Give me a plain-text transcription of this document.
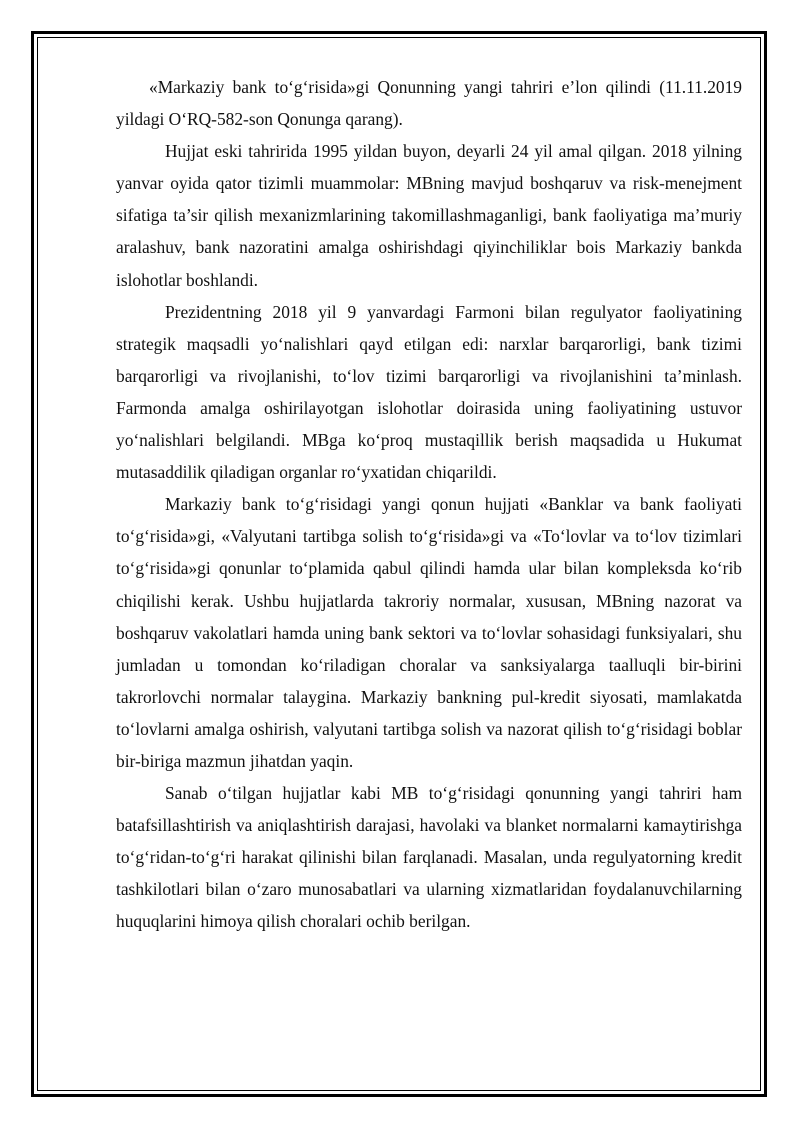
«Markaziy bank to‘g‘risida»gi Qonunning yangi tahriri e’lon qilindi (11.11.2019 yildagi O‘RQ-582-son Qonunga qarang).

Hujjat eski tahririda 1995 yildan buyon, deyarli 24 yil amal qilgan. 2018 yilning yanvar oyida qator tizimli muammolar: MBning mavjud boshqaruv va risk-menejment sifatiga ta’sir qilish mexanizmlarining takomillashmaganligi, bank faoliyatiga ma’muriy aralashuv, bank nazoratini amalga oshirishdagi qiyinchiliklar bois Markaziy bankda islohotlar boshlandi.

Prezidentning 2018 yil 9 yanvardagi Farmoni bilan regulyator faoliyatining strategik maqsadli yo‘nalishlari qayd etilgan edi: narxlar barqarorligi, bank tizimi barqarorligi va rivojlanishi, to‘lov tizimi barqarorligi va rivojlanishini ta’minlash. Farmonda amalga oshirilayotgan islohotlar doirasida uning faoliyatining ustuvor yo‘nalishlari belgilandi. MBga ko‘proq mustaqillik berish maqsadida u Hukumat mutasaddilik qiladigan organlar ro‘yxatidan chiqarildi.

Markaziy bank to‘g‘risidagi yangi qonun hujjati «Banklar va bank faoliyati to‘g‘risida»gi, «Valyutani tartibga solish to‘g‘risida»gi va «To‘lovlar va to‘lov tizimlari to‘g‘risida»gi qonunlar to‘plamida qabul qilindi hamda ular bilan kompleksda ko‘rib chiqilishi kerak. Ushbu hujjatlarda takroriy normalar, xususan, MBning nazorat va boshqaruv vakolatlari hamda uning bank sektori va to‘lovlar sohasidagi funksiyalari, shu jumladan u tomondan ko‘riladigan choralar va sanksiyalarga taalluqli bir-birini takrorlovchi normalar talaygina. Markaziy bankning pul-kredit siyosati, mamlakatda to‘lovlarni amalga oshirish, valyutani tartibga solish va nazorat qilish to‘g‘risidagi boblar bir-biriga mazmun jihatdan yaqin.

Sanab o‘tilgan hujjatlar kabi MB to‘g‘risidagi qonunning yangi tahriri ham batafsillashtirish va aniqlashtirish darajasi, havolaki va blanket normalarni kamaytirishga to‘g‘ridan-to‘g‘ri harakat qilinishi bilan farqlanadi. Masalan, unda regulyatorning kredit tashkilotlari bilan o‘zaro munosabatlari va ularning xizmatlaridan foydalanuvchilarning huquqlarini himoya qilish choralari ochib berilgan.
